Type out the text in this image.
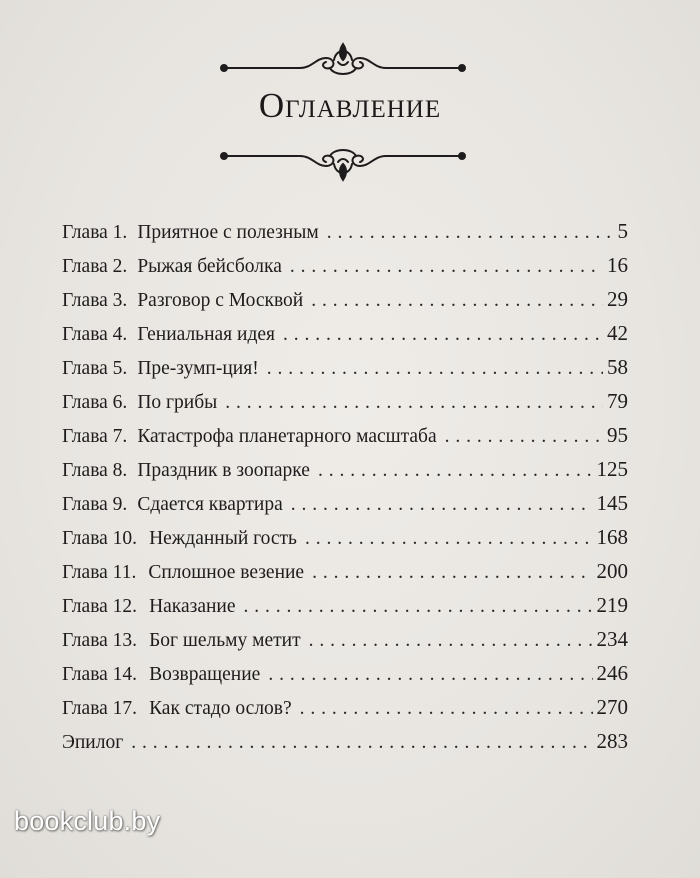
Оглавление
Глава 1. Приятное с полезным . . .	5
Глава 2. Рыжая бейсболка . . .	16
Глава 3. Разговор с Москвой . . .	29
Глава 4. Гениальная идея . . .	42
Глава 5. Пре-зумп-ция! . . .	58
Глава 6. По грибы . . .	79
Глава 7. Катастрофа планетарного масштаба . . .	95
Глава 8. Праздник в зоопарке . . .	125
Глава 9. Сдается квартира . . .	145
Глава 10. Нежданный гость . . .	168
Глава 11. Сплошное везение . . .	200
Глава 12. Наказание . . .	219
Глава 13. Бог шельму метит . . .	234
Глава 14. Возвращение . . .	246
Глава 17. Как стадо ослов? . . .	270
Эпилог . . .	283
bookclub.by
